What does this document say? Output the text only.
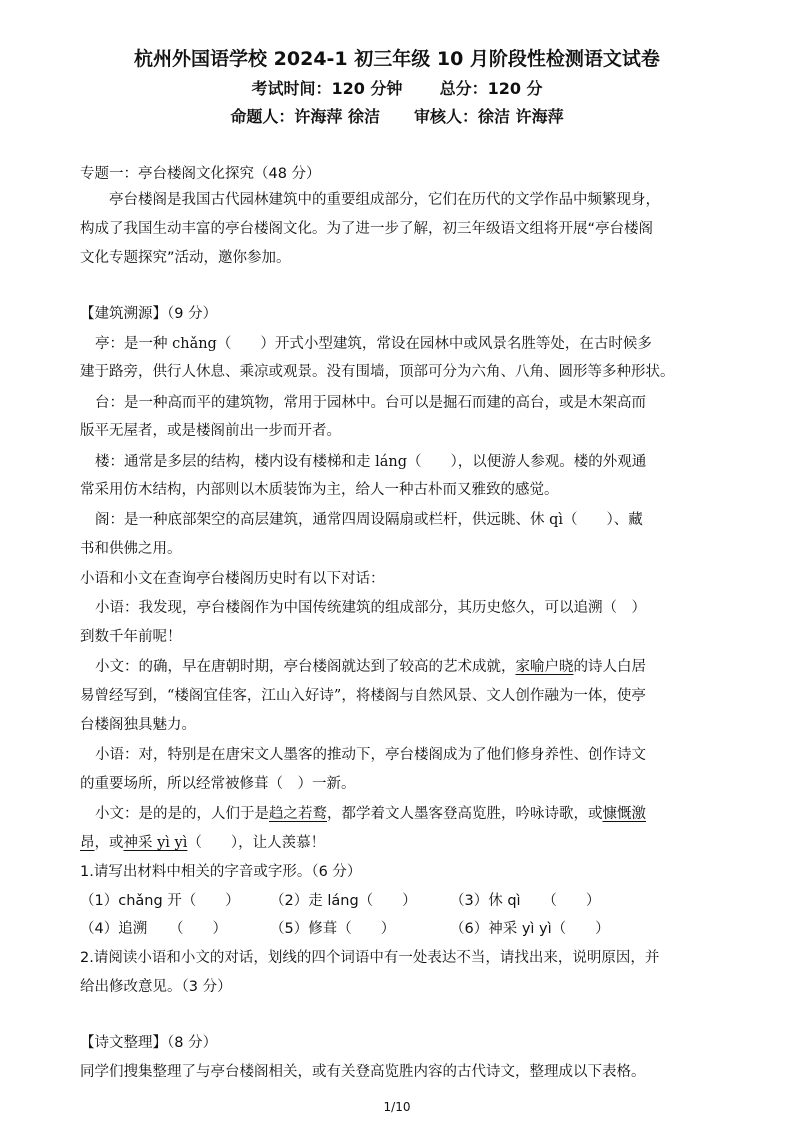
杭州外国语学校 2024-1 初三年级 10 月阶段性检测语文试卷
考试时间：120 分钟 总分：120 分
命题人：许海萍 徐洁 审核人：徐洁 许海萍
专题一：亭台楼阁文化探究（48 分）
亭台楼阁是我国古代园林建筑中的重要组成部分，它们在历代的文学作品中频繁现身，
构成了我国生动丰富的亭台楼阁文化。为了进一步了解，初三年级语文组将开展“亭台楼阁
文化专题探究”活动，邀你参加。
【建筑溯源】（9 分）
亭：是一种 chǎng（　　）开式小型建筑，常设在园林中或风景名胜等处，在古时候多
建于路旁，供行人休息、乘凉或观景。没有围墙，顶部可分为六角、八角、圆形等多种形状。
台：是一种高而平的建筑物，常用于园林中。台可以是掘石而建的高台，或是木架高而
版平无屋者，或是楼阁前出一步而开者。
楼：通常是多层的结构，楼内设有楼梯和走 láng（　　），以便游人参观。楼的外观通
常采用仿木结构，内部则以木质装饰为主，给人一种古朴而又雅致的感觉。
阁：是一种底部架空的高层建筑，通常四周设隔扇或栏杆，供远眺、休 qì（　　）、藏
书和供佛之用。
小语和小文在查询亭台楼阁历史时有以下对话：
小语：我发现，亭台楼阁作为中国传统建筑的组成部分，其历史悠久，可以追溯（　）
到数千年前呢！
小文：的确，早在唐朝时期，亭台楼阁就达到了较高的艺术成就，家喻户晓的诗人白居
易曾经写到，“楼阁宜佳客，江山入好诗”，将楼阁与自然风景、文人创作融为一体，使亭
台楼阁独具魅力。
小语：对，特别是在唐宋文人墨客的推动下，亭台楼阁成为了他们修身养性、创作诗文
的重要场所，所以经常被修葺（　）一新。
小文：是的是的，人们于是趋之若鹜，都学着文人墨客登高览胜，吟咏诗歌，或慷慨激
昂，或神采 yì yì（　　），让人羡慕！
1.请写出材料中相关的字音或字形。（6 分）
（1）chǎng 开（　　） （2）走 láng（　　） （3）休 qì　　（　　）
（4）追溯　　（　　）	（5）修葺（　　）	（6）神采 yì yì（　　）
2.请阅读小语和小文的对话，划线的四个词语中有一处表达不当，请找出来，说明原因，并
给出修改意见。（3 分）
【诗文整理】（8 分）
同学们搜集整理了与亭台楼阁相关，或有关登高览胜内容的古代诗文，整理成以下表格。
1/10
